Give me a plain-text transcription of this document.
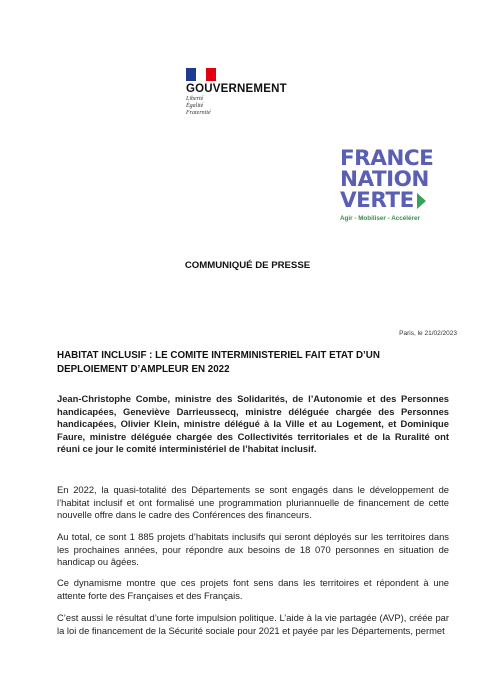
GOUVERNEMENT
Liberté
Égalité
Fraternité
FRANCE
NATION
VERTE
Agir - Mobiliser - Accélérer
COMMUNIQUÉ DE PRESSE
Paris, le 21/02/2023
HABITAT INCLUSIF : LE COMITE INTERMINISTERIEL FAIT ETAT D’UN DEPLOIEMENT D’AMPLEUR EN 2022
Jean-Christophe Combe, ministre des Solidarités, de l’Autonomie et des Personnes handicapées, Geneviève Darrieussecq, ministre déléguée chargée des Personnes handicapées, Olivier Klein, ministre délégué à la Ville et au Logement, et Dominique Faure, ministre déléguée chargée des Collectivités territoriales et de la Ruralité ont réuni ce jour le comité interministériel de l’habitat inclusif.
En 2022, la quasi-totalité des Départements se sont engagés dans le développement de l’habitat inclusif et ont formalisé une programmation pluriannuelle de financement de cette nouvelle offre dans le cadre des Conférences des financeurs.
Au total, ce sont 1 885 projets d’habitats inclusifs qui seront déployés sur les territoires dans les prochaines années, pour répondre aux besoins de 18 070 personnes en situation de handicap ou âgées.
Ce dynamisme montre que ces projets font sens dans les territoires et répondent à une attente forte des Françaises et des Français.
C’est aussi le résultat d’une forte impulsion politique. L’aide à la vie partagée (AVP), créée par la loi de financement de la Sécurité sociale pour 2021 et payée par les Départements, permet
